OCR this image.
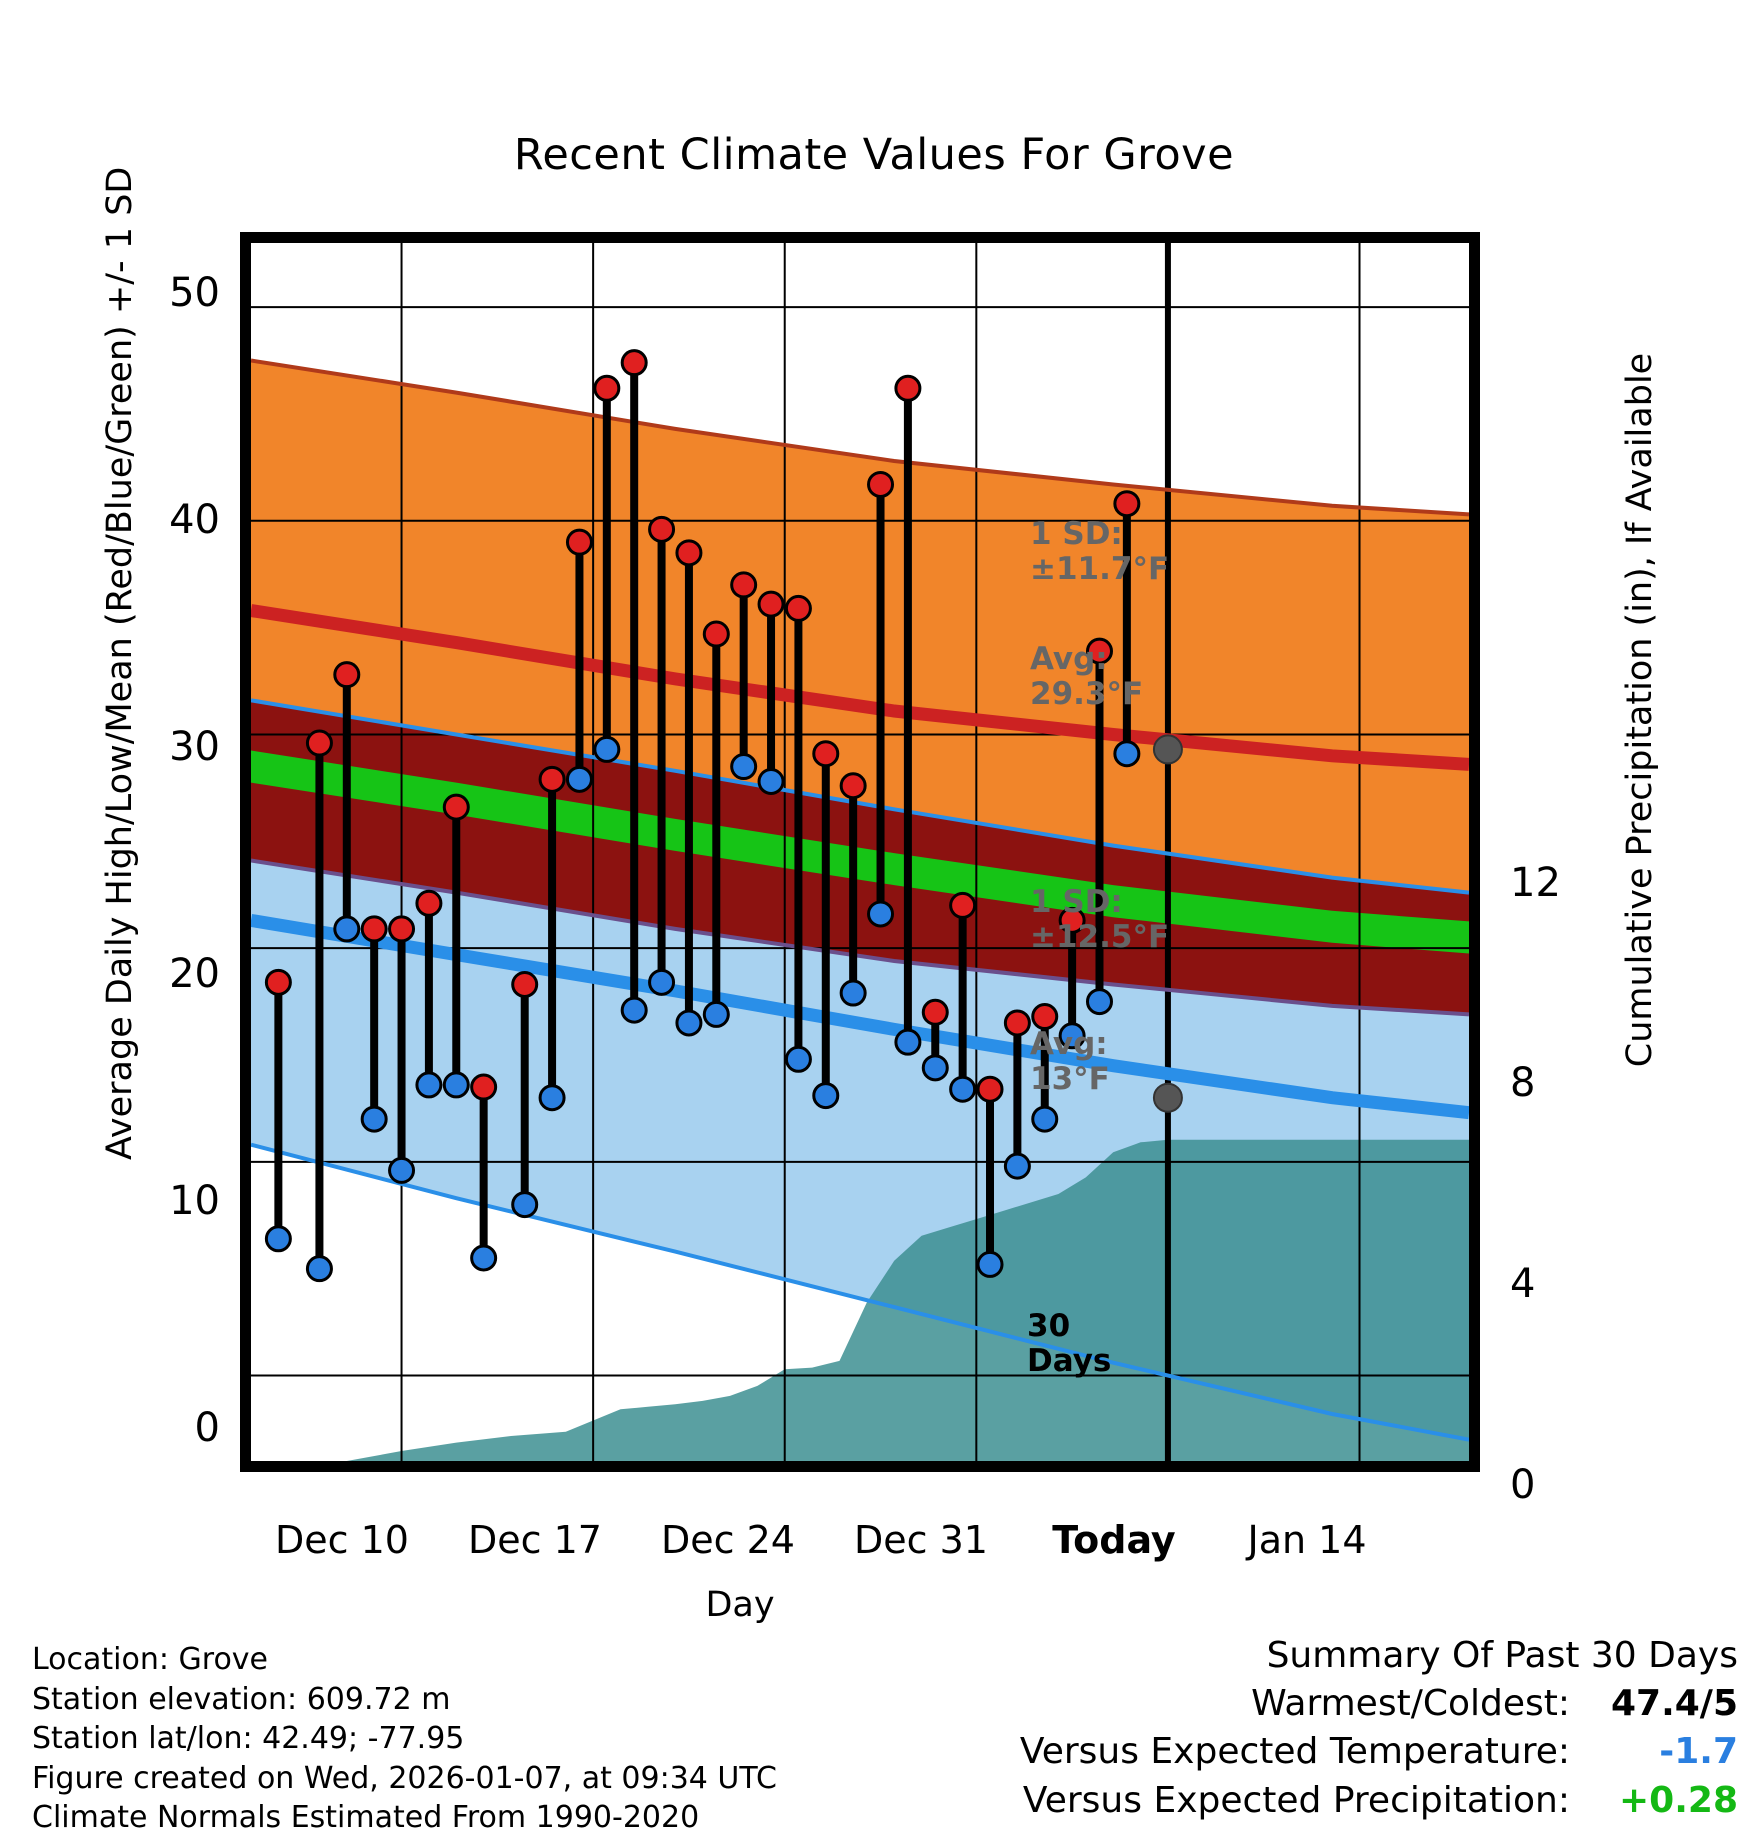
Recent Climate Values For Grove
Average Daily High/Low/Mean (Red/Blue/Green) +/- 1 SD	Cumulative Precipitation (in), If Available
Day
50
40
30
20
10
0
12
8
4
0
Dec 10	Dec 17	Dec 24	Dec 31	Today	Jan 14
1 SD:
±11.7°F
Avg:
29.3°F
1 SD:
±12.5°F
Avg:
13°F
30
Days
Location: Grove
Station elevation: 609.72 m
Station lat/lon: 42.49; -77.95
Figure created on Wed, 2026-01-07, at 09:34 UTC
Climate Normals Estimated From 1990-2020
Summary Of Past 30 Days
Warmest/Coldest:	47.4/5
Versus Expected Temperature:	-1.7
Versus Expected Precipitation:	+0.28
